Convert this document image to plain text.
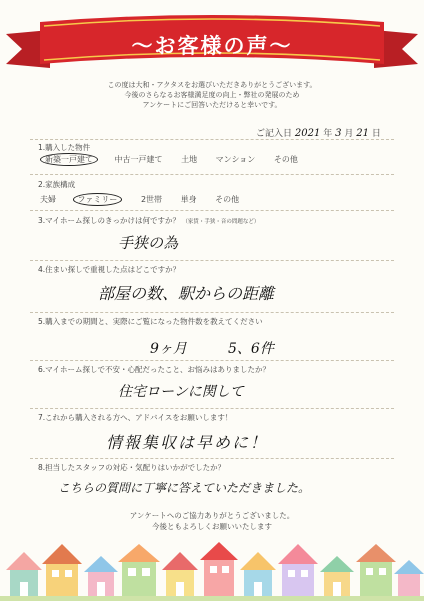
〜お客様の声〜
この度は大和・アクタスをお選びいただきありがとうございます。
今後のさらなるお客様満足度の向上・弊社の発展のため
アンケートにご回答いただけると幸いです。
ご記入日 2021 年 3 月 21 日
1.購入した物件
新築一戸建て	中古一戸建て 土地 マンション その他
2.家族構成
夫婦	ファミリー	2世帯 単身 その他
3.マイホーム探しのきっかけは何ですか？ （家賃・手狭・音の問題など）
手狭の為
4.住まい探しで重視した点はどこですか？
部屋の数、駅からの距離
5.購入までの期間と、実際にご覧になった物件数を教えてください
9ヶ月	5、6件
6.マイホーム探しで不安・心配だったこと、お悩みはありましたか？
住宅ローンに関して
7.これから購入される方へ、アドバイスをお願いします！
情報集収は早めに！
8.担当したスタッフの対応・気配りはいかがでしたか？
こちらの質問に丁寧に答えていただきました。
アンケートへのご協力ありがとうございました。
今後ともよろしくお願いいたします
